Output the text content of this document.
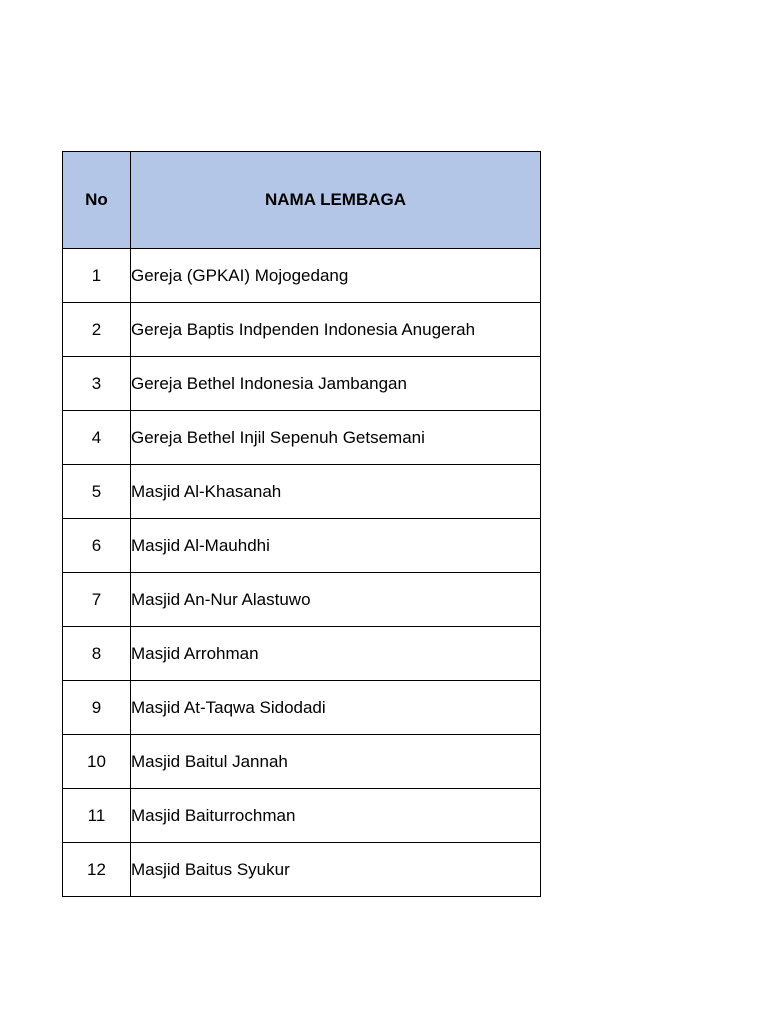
No	NAMA LEMBAGA
1	Gereja (GPKAI) Mojogedang
2	Gereja Baptis Indpenden Indonesia Anugerah
3	Gereja Bethel Indonesia Jambangan
4	Gereja Bethel Injil Sepenuh Getsemani
5	Masjid Al-Khasanah
6	Masjid Al-Mauhdhi
7	Masjid An-Nur Alastuwo
8	Masjid Arrohman
9	Masjid At-Taqwa Sidodadi
10	Masjid Baitul Jannah
11	Masjid Baiturrochman
12	Masjid Baitus Syukur
